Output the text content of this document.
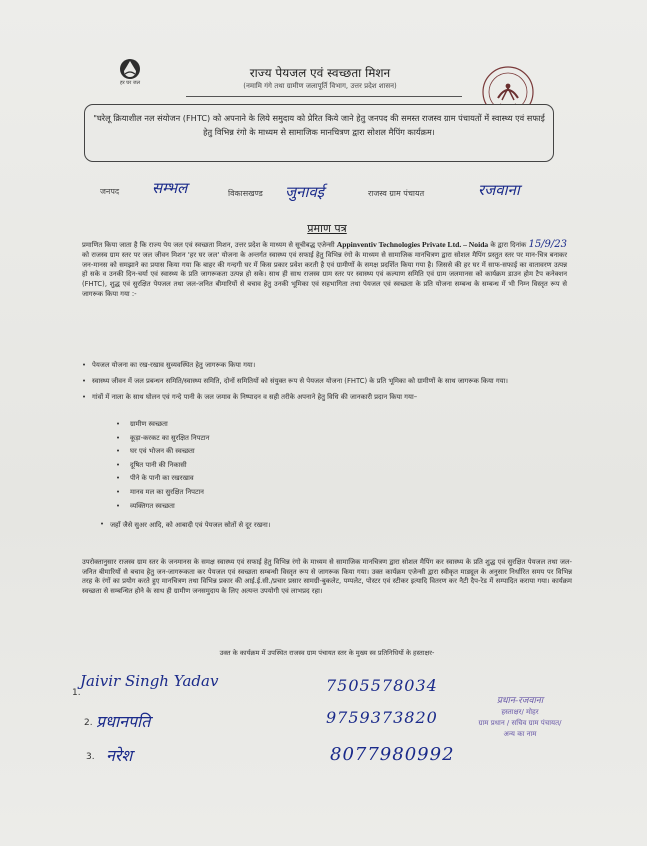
हर घर जल
राज्य पेयजल एवं स्वच्छता मिशन
(नमामि गंगे तथा ग्रामीण जलापूर्ति विभाग, उत्तर प्रदेश शासन)
"घरेलू क्रियाशील नल संयोजन (FHTC) को अपनाने के लिये समुदाय को प्रेरित किये जाने हेतु जनपद की समस्त राजस्व ग्राम पंचायतों में स्वास्थ्य एवं सफाई हेतु विभिन्न रंगो के माध्यम से सामाजिक मानचित्रण द्वारा सोशल मैपिंग कार्यक्रम।
जनपद सम्भल	विकासखण्ड जुनावई	राजस्व ग्राम पंचायत	रजवाना
प्रमाण पत्र

प्रमाणित किया जाता है कि राज्य पेय जल एवं स्वच्छता मिशन, उत्तर प्रदेश के माध्यम से सूचीबद्ध एजेन्सी Appinventiv Technologies Private Ltd. – Noida के द्वारा दिनांक 15/9/23 को राजस्व ग्राम स्तर पर जल जीवन मिशन 'हर घर जल' योजना के अन्तर्गत स्वास्थ्य एवं सफाई हेतु विभिन्न रंगो के माध्यम से सामाजिक मानचित्रण द्वारा सोशल मैपिंग प्रस्तुत स्तर पर मान-चित्र बनाकर जन-मानस को समझाने का प्रयास किया गया कि बाहर की गन्दगी घर में किस प्रकार प्रवेश करती है एवं ग्रामीणों के समक्ष प्रदर्शित किया गया है। जिससे की हर घर में साफ-सफाई का वातावरण उत्पन्न हो सके व उनकी दिन-चर्या एवं स्वास्थ्य के प्रति जागरूकता उत्पन्न हो सके। साथ ही साथ राजस्व ग्राम स्तर पर स्वास्थ्य एवं कल्याण समिति एवं ग्राम जलमानस को कार्यक्रम डाउन होम टैप कनेक्शन (FHTC), शुद्ध एवं सुरक्षित पेयजल तथा जल-जनित बीमारियों से बचाव हेतु उनकी भूमिका एवं सहभागिता तथा पेयजल एवं स्वच्छता के प्रति योजना सम्बन्ध के सम्बन्ध में भी निम्न विस्तृत रूप से जागरूक किया गया :-

• पेयजल योजना का रख-रखाव सुव्यवस्थित हेतु जागरूक किया गया।
• स्वास्थ्य जीवन में जल प्रबन्धन समिति/स्वास्थ्य समिति, दोनों समितियों को संयुक्त रूप से पेयजल योजना (FHTC) के प्रति भूमिका को ग्रामीणों के साथ जागरूक किया गया।
• गांवों में नाला के साथ घोलन एवं गन्दे पानी के जल जमाव के निष्पादन व सही तरीके अपनाने हेतु विधि की जानकारी प्रदान किया गया–
• ग्रामीण स्वच्छता
• कूड़ा-करकट का सुरक्षित निपटान
• घर एवं भोजन की स्वच्छता
• दूषित पानी की निकासी
• पीने के पानी का रखरखाव
• मानव मल का सुरक्षित निपटान
• व्यक्तिगत स्वच्छता
• जहाँ जैसे सुअर आदि, को आबादी एवं पेयजल स्रोतों से दूर रखना।
उपरोक्तानुसार राजस्व ग्राम स्तर के जनमानस के समक्ष स्वास्थ्य एवं सफाई हेतु विभिन्न रंगो के माध्यम से सामाजिक मानचित्रण द्वारा सोशल मैपिंग कर स्वास्थ्य के प्रति शुद्ध एवं सुरक्षित पेयजल तथा जल-जनित बीमारियों से बचाव हेतु जन-जागरूकता कर पेयजल एवं स्वच्छता सम्बन्धी विस्तृत रूप से जागरूक किया गया। उक्त कार्यक्रम एजेन्सी द्वारा स्वीकृत माड्यूल के अनुसार निर्धारित समय पर विभिन्न तरह के रंगों का प्रयोग करते हुए मानचित्रण तथा विभिन्न प्रकार की आई.ई.सी./प्रचार प्रसार सामग्री-बुकलेट, पम्पलेट, पोस्टर एवं स्टीकर इत्यादि वितरण कर नैटी दैप-रेड में सम्पादित कराया गया। कार्यक्रम स्वच्छता से सम्बन्धित होने के साथ ही ग्रामीण जनसमुदाय के लिए अत्यन्त उपयोगी एवं लाभप्रद रहा।
उक्त के कार्यक्रम में उपस्थित राजस्व ग्राम पंचायत स्तर के मुख्य स्व प्रतिनिधियों के हस्ताक्षर-
1.
Jaivir Singh Yadav	7505578034
2. प्रधानपति	9759373820
3. नरेश	8077980992
प्रधान-रजवाना
हस्ताक्षर/ मोहर
ग्राम प्रधान / सचिव ग्राम पंचायत/
अन्य का नाम
